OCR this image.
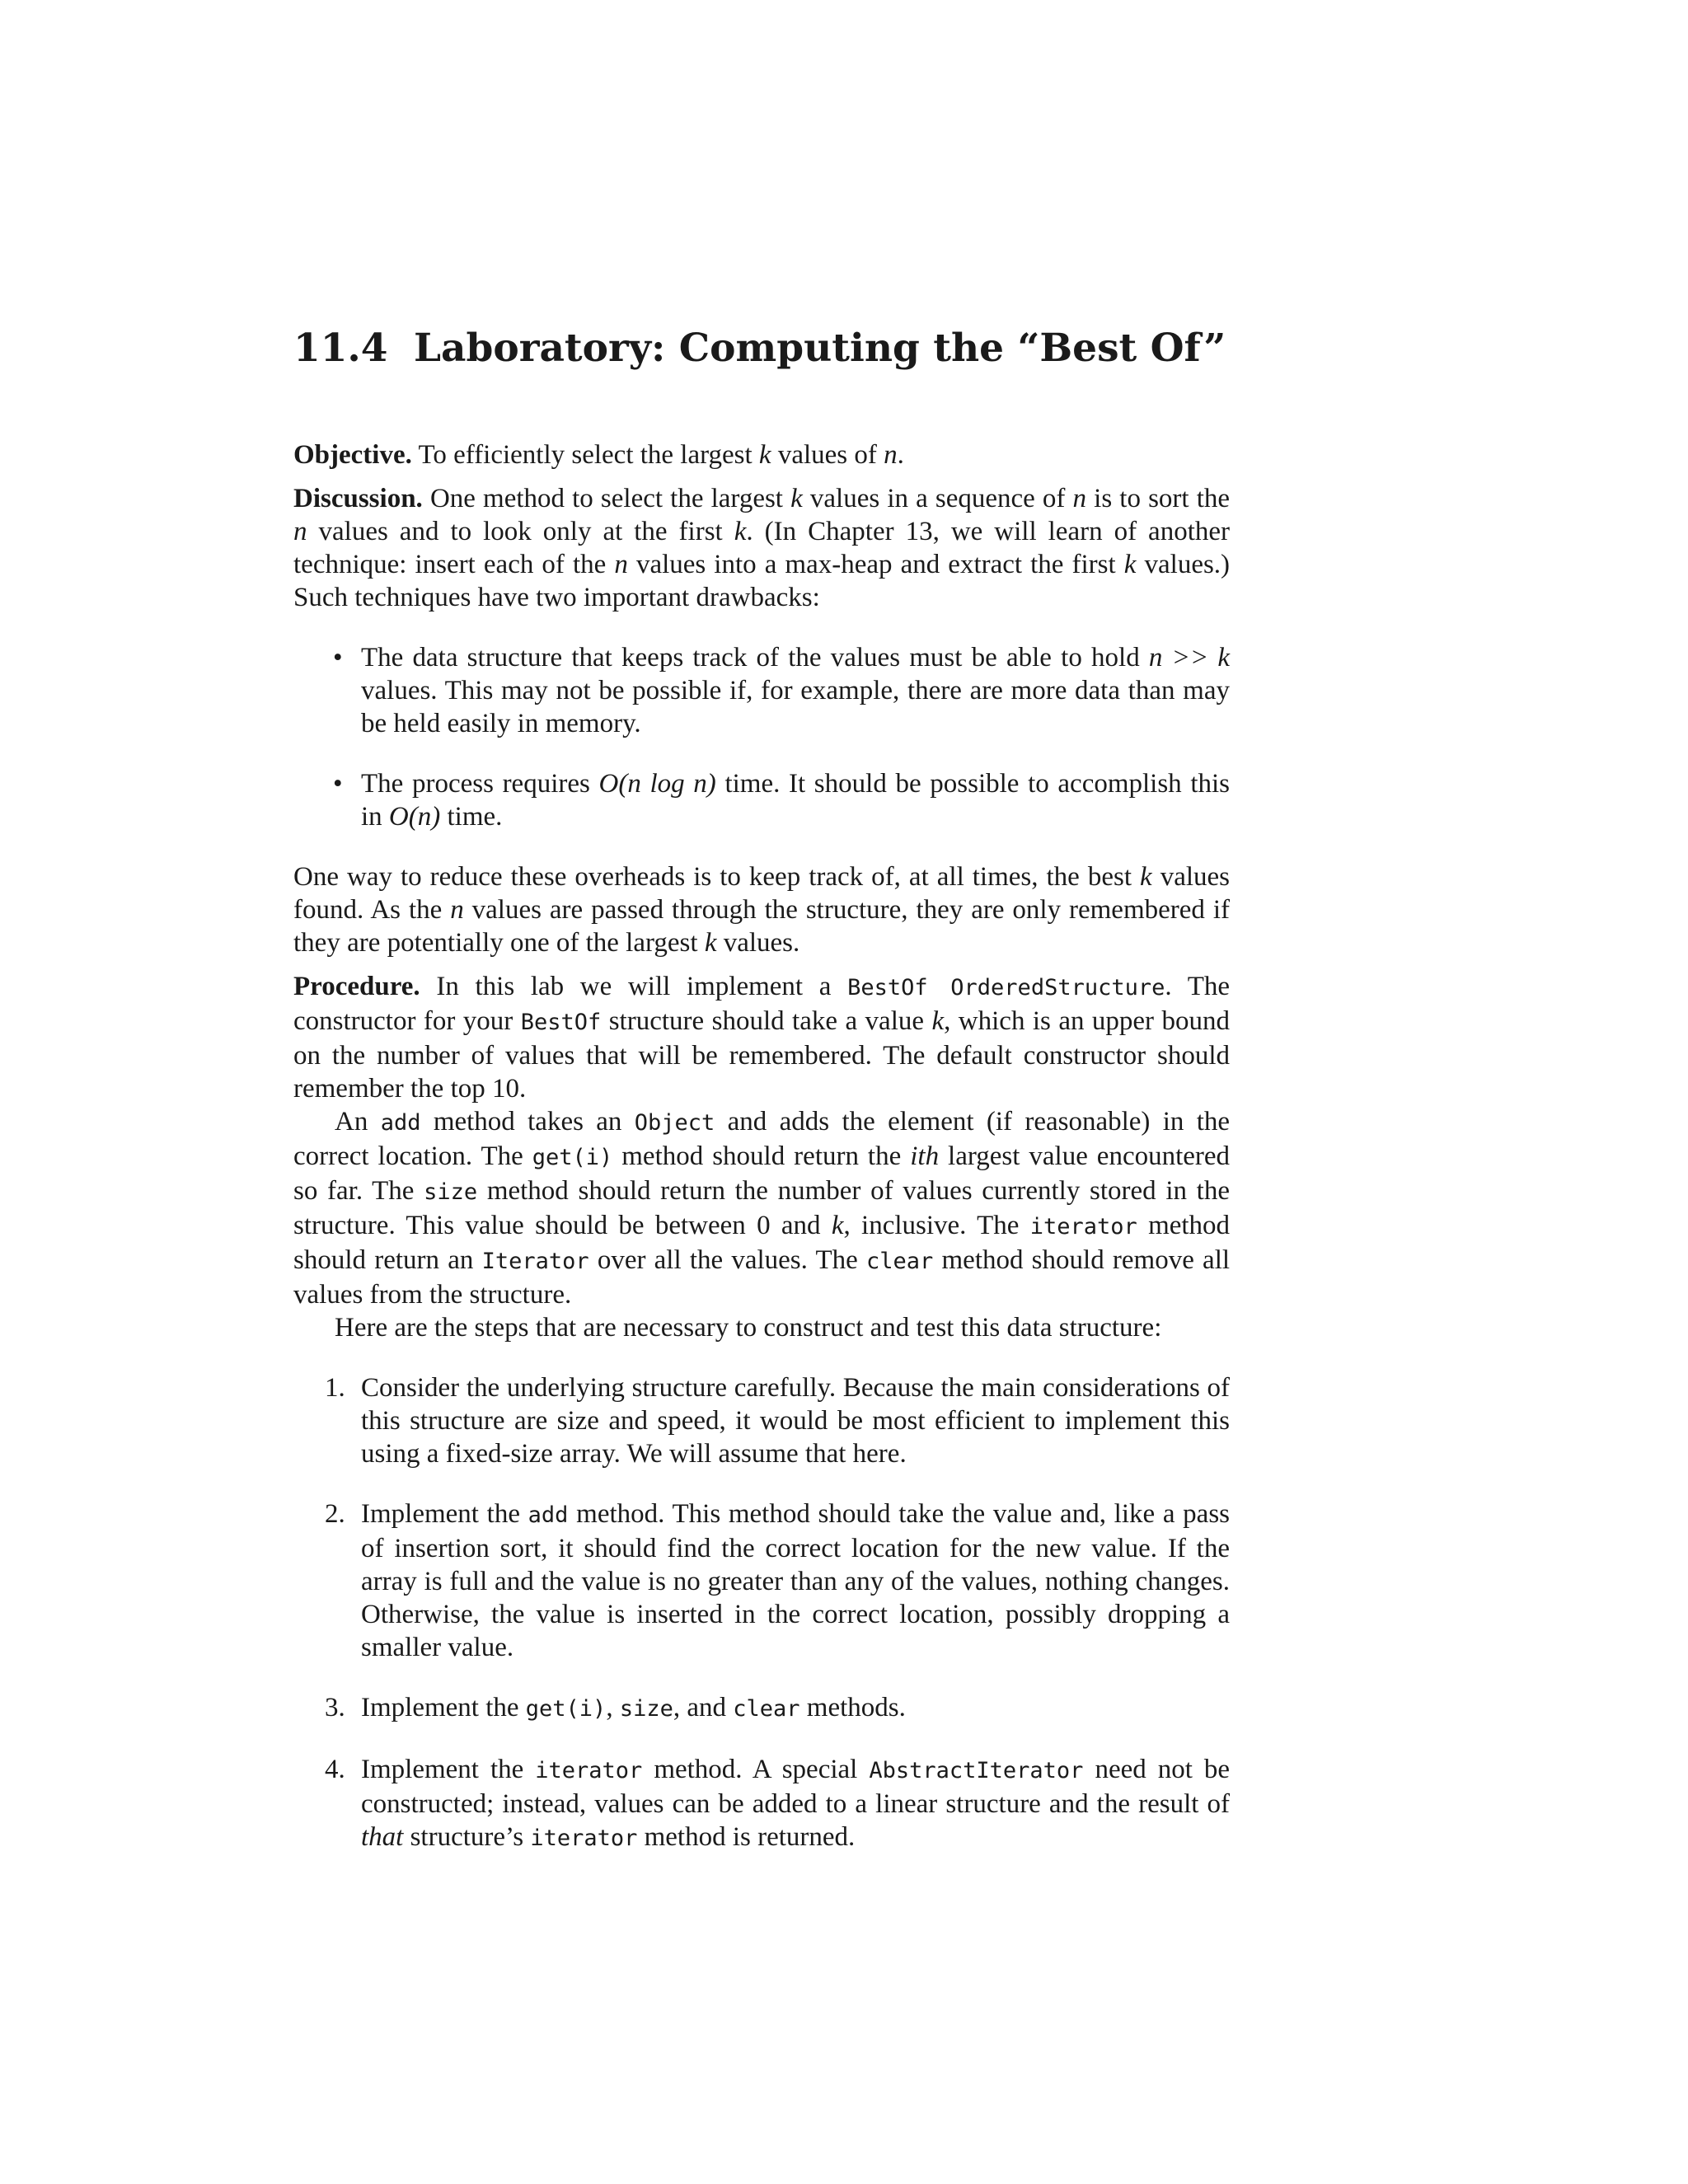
11.4 Laboratory: Computing the “Best Of”

Objective. To efficiently select the largest k values of n.

Discussion. One method to select the largest k values in a sequence of n is to sort the n values and to look only at the first k. (In Chapter 13, we will learn of another technique: insert each of the n values into a max-heap and extract the first k values.) Such techniques have two important drawbacks:

• The data structure that keeps track of the values must be able to hold n >> k values. This may not be possible if, for example, there are more data than may be held easily in memory.
• The process requires O(n log n) time. It should be possible to accomplish this in O(n) time.

One way to reduce these overheads is to keep track of, at all times, the best k values found. As the n values are passed through the structure, they are only remembered if they are potentially one of the largest k values.

Procedure. In this lab we will implement a BestOf OrderedStructure. The constructor for your BestOf structure should take a value k, which is an upper bound on the number of values that will be remembered. The default constructor should remember the top 10.

An add method takes an Object and adds the element (if reasonable) in the correct location. The get(i) method should return the ith largest value encountered so far. The size method should return the number of values currently stored in the structure. This value should be between 0 and k, inclusive. The iterator method should return an Iterator over all the values. The clear method should remove all values from the structure.

Here are the steps that are necessary to construct and test this data structure:

1. Consider the underlying structure carefully. Because the main considerations of this structure are size and speed, it would be most efficient to implement this using a fixed-size array. We will assume that here.
2. Implement the add method. This method should take the value and, like a pass of insertion sort, it should find the correct location for the new value. If the array is full and the value is no greater than any of the values, nothing changes. Otherwise, the value is inserted in the correct location, possibly dropping a smaller value.
3. Implement the get(i), size, and clear methods.
4. Implement the iterator method. A special AbstractIterator need not be constructed; instead, values can be added to a linear structure and the result of that structure’s iterator method is returned.
